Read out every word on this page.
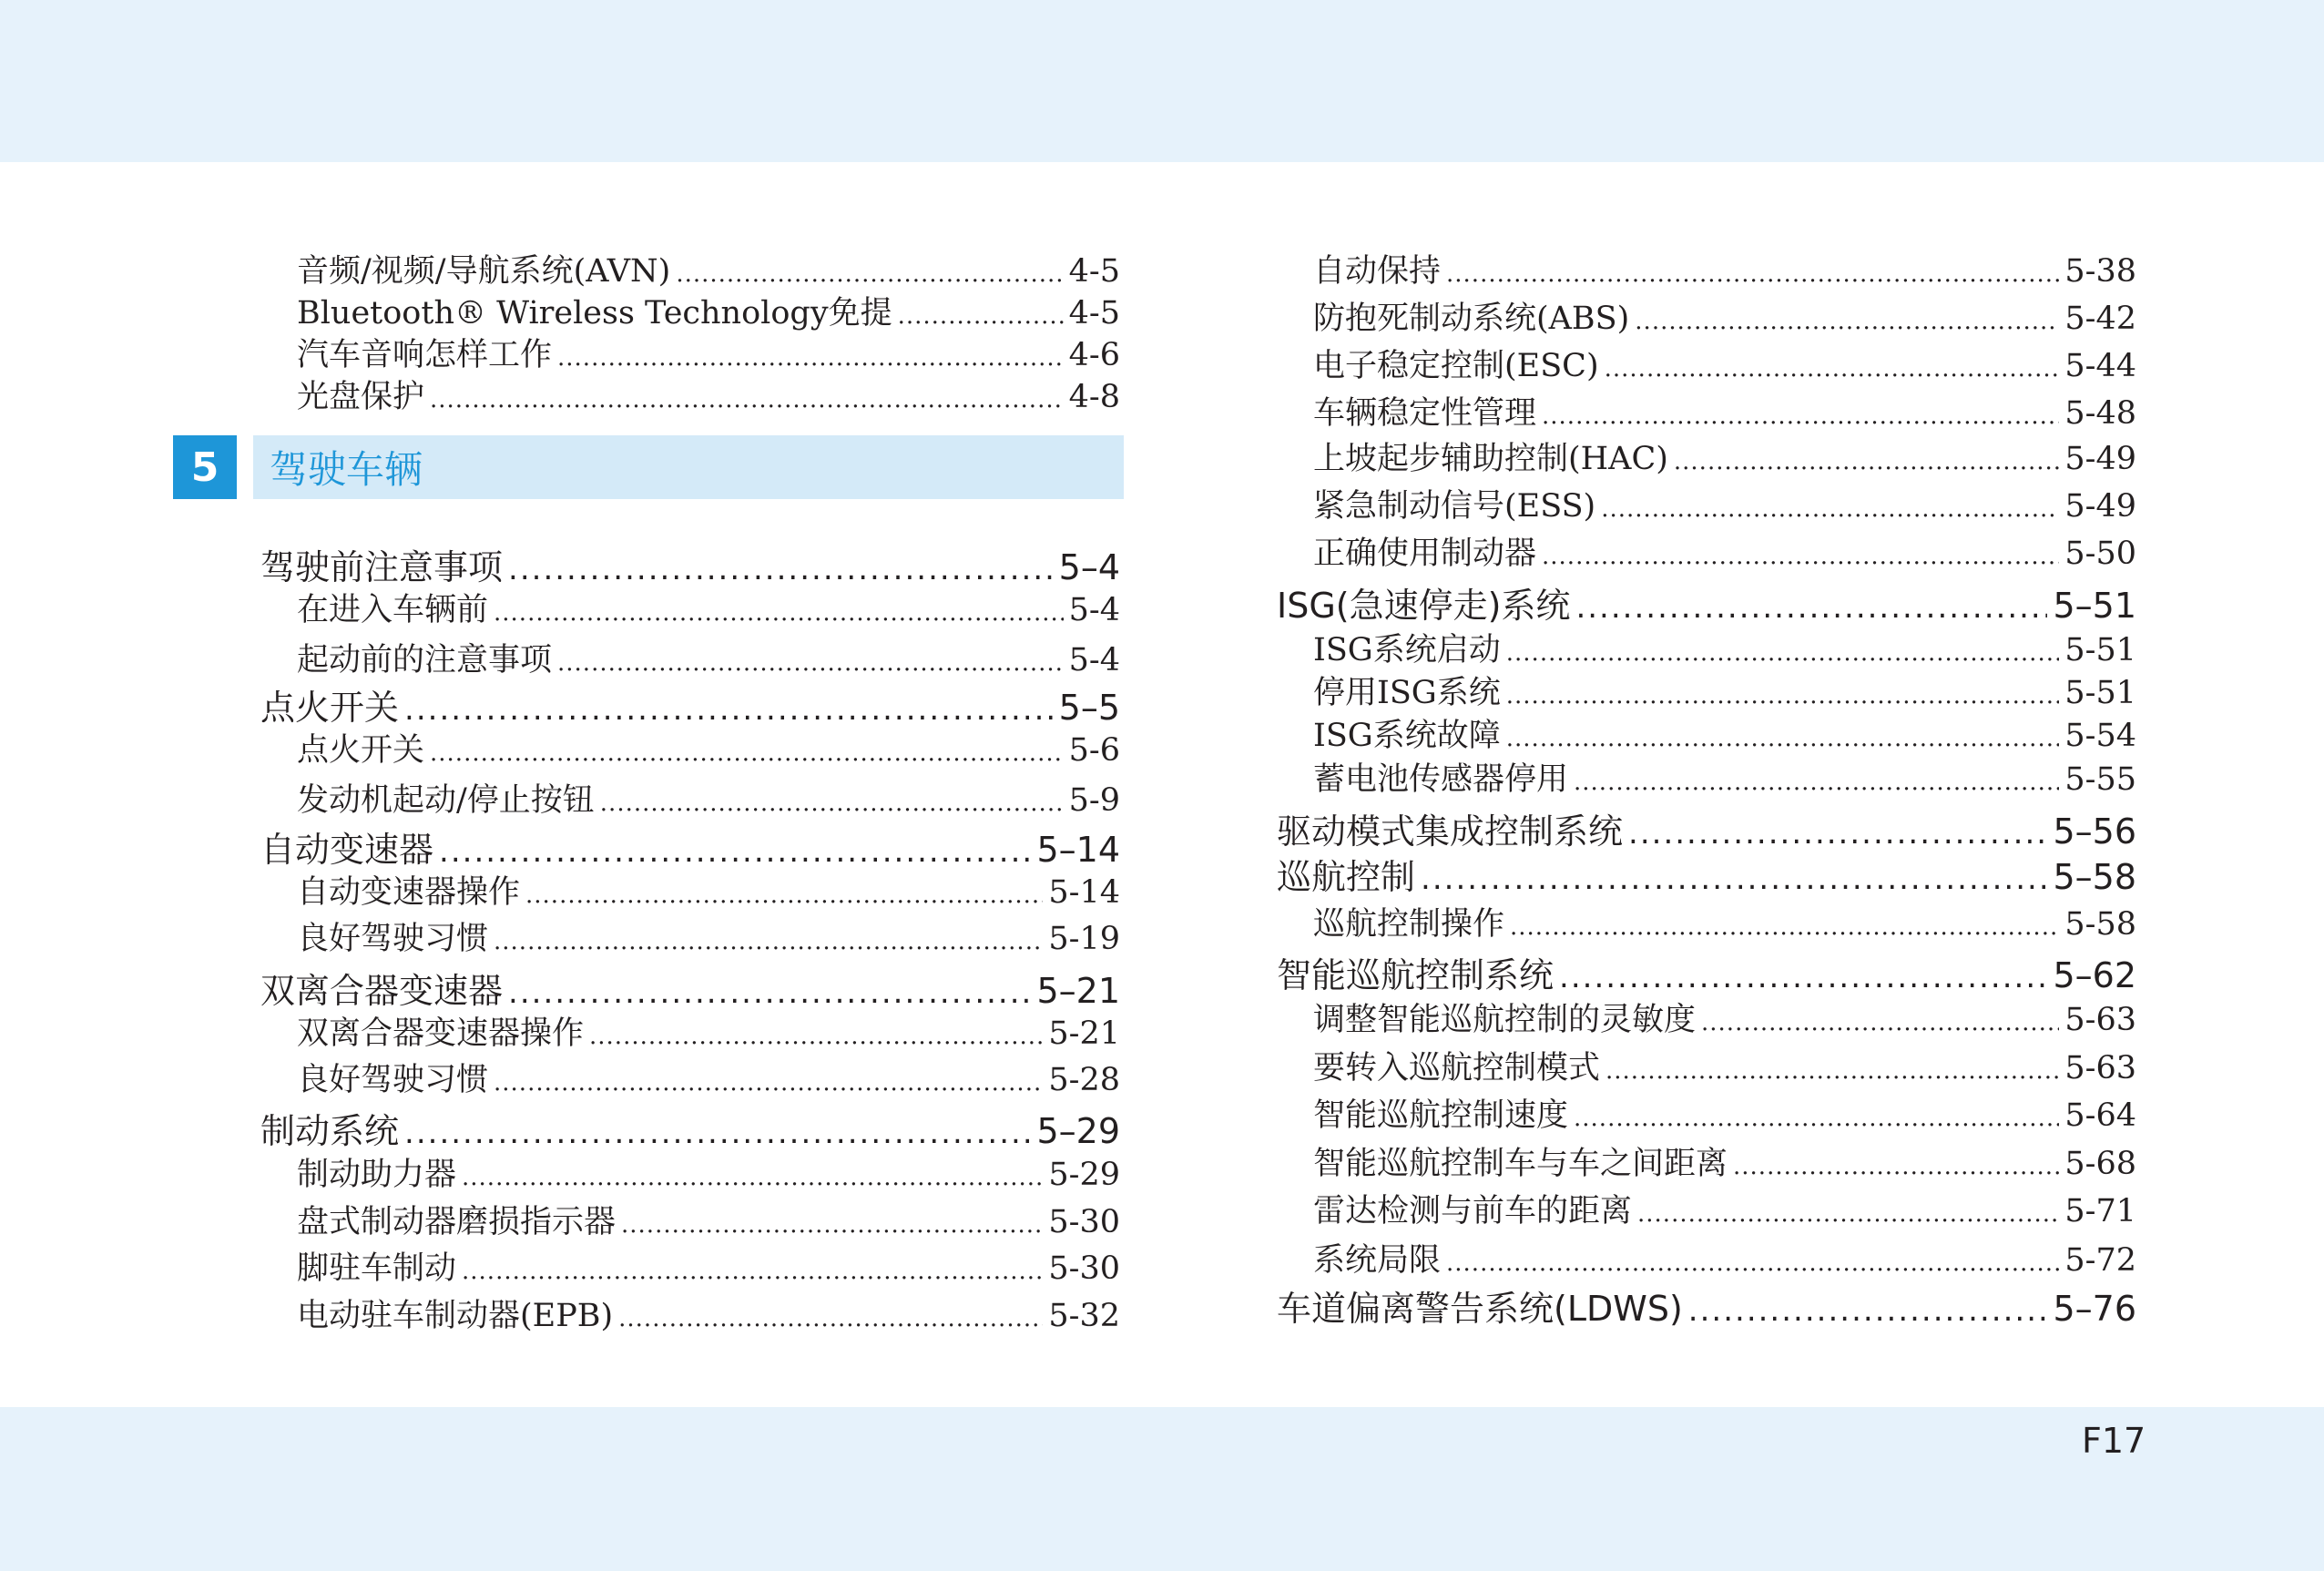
音频/视频/导航系统(AVN) .....	4-5
Bluetooth® Wireless Technology免提 .....	4-5
汽车音响怎样工作 .....	4-6
光盘保护 .....	4-8
5	驾驶车辆
驾驶前注意事项 .....	5–4
在进入车辆前 .....	5-4
起动前的注意事项 .....	5-4
点火开关 .....	5–5
点火开关 .....	5-6
发动机起动/停止按钮 .....	5-9
自动变速器 .....	5–14
自动变速器操作 .....	5-14
良好驾驶习惯 .....	5-19
双离合器变速器 .....	5–21
双离合器变速器操作 .....	5-21
良好驾驶习惯 .....	5-28
制动系统 .....	5–29
制动助力器 .....	5-29
盘式制动器磨损指示器 .....	5-30
脚驻车制动 .....	5-30
电动驻车制动器(EPB) .....	5-32
自动保持 .....	5-38
防抱死制动系统(ABS) .....	5-42
电子稳定控制(ESC) .....	5-44
车辆稳定性管理 .....	5-48
上坡起步辅助控制(HAC) .....	5-49
紧急制动信号(ESS) .....	5-49
正确使用制动器 .....	5-50
ISG(急速停走)系统 .....	5–51
ISG系统启动 .....	5-51
停用ISG系统 .....	5-51
ISG系统故障 .....	5-54
蓄电池传感器停用 .....	5-55
驱动模式集成控制系统 .....	5–56
巡航控制 .....	5–58
巡航控制操作 .....	5-58
智能巡航控制系统 .....	5–62
调整智能巡航控制的灵敏度 .....	5-63
要转入巡航控制模式 .....	5-63
智能巡航控制速度 .....	5-64
智能巡航控制车与车之间距离 .....	5-68
雷达检测与前车的距离 .....	5-71
系统局限 .....	5-72
车道偏离警告系统(LDWS) .....	5–76
F17
